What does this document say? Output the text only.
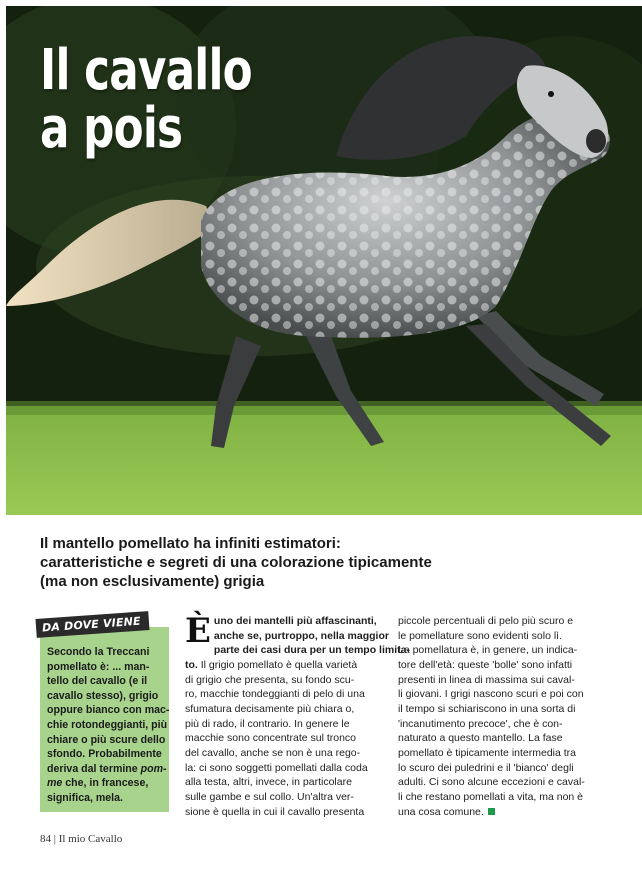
Il cavallo
a pois
Il mantello pomellato ha infiniti estimatori:
caratteristiche e segreti di una colorazione tipicamente
(ma non esclusivamente) grigia
DA DOVE VIENE
Secondo la Treccani
pomellato è: ... man-
tello del cavallo (e il
cavallo stesso), grigio
oppure bianco con mac-
chie rotondeggianti, più
chiare o più scure dello
sfondo. Probabilmente
deriva dal termine pom-
me che, in francese,
significa, mela.
È uno dei mantelli più affascinanti,
anche se, purtroppo, nella maggior
parte dei casi dura per un tempo limita-
to. Il grigio pomellato è quella varietà
di grigio che presenta, su fondo scu-
ro, macchie tondeggianti di pelo di una
sfumatura decisamente più chiara o,
più di rado, il contrario. In genere le
macchie sono concentrate sul tronco
del cavallo, anche se non è una rego-
la: ci sono soggetti pomellati dalla coda
alla testa, altri, invece, in particolare
sulle gambe e sul collo. Un'altra ver-
sione è quella in cui il cavallo presenta
piccole percentuali di pelo più scuro e
le pomellature sono evidenti solo lì.
La pomellatura è, in genere, un indica-
tore dell'età: queste 'bolle' sono infatti
presenti in linea di massima sui caval-
li giovani. I grigi nascono scuri e poi con
il tempo si schiariscono in una sorta di
'incanutimento precoce', che è con-
naturato a questo mantello. La fase
pomellato è tipicamente intermedia tra
lo scuro dei puledrini e il 'bianco' degli
adulti. Ci sono alcune eccezioni e caval-
li che restano pomellati a vita, ma non è
una cosa comune.
84 | Il mio Cavallo
